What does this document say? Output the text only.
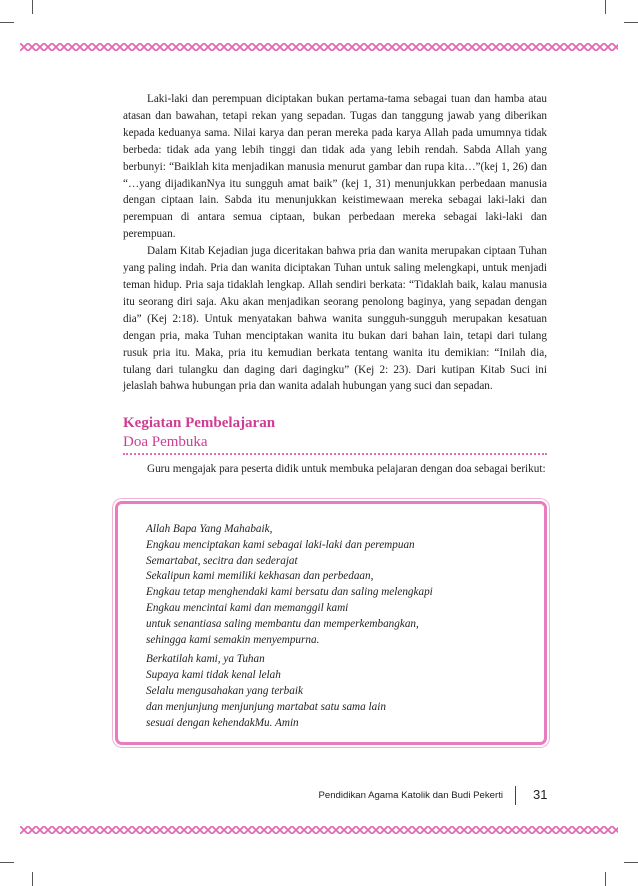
Laki-laki dan perempuan diciptakan bukan pertama-tama sebagai tuan dan hamba atau atasan dan bawahan, tetapi rekan yang sepadan. Tugas dan tanggung jawab yang diberikan kepada keduanya sama. Nilai karya dan peran mereka pada karya Allah pada umumnya tidak berbeda: tidak ada yang lebih tinggi dan tidak ada yang lebih rendah. Sabda Allah yang berbunyi: “Baiklah kita menjadikan manusia menurut gambar dan rupa kita…”(kej 1, 26) dan “…yang dijadikanNya itu sungguh amat baik” (kej 1, 31) menunjukkan perbedaan manusia dengan ciptaan lain. Sabda itu menunjukkan keistimewaan mereka sebagai laki-laki dan perempuan di antara semua ciptaan, bukan perbedaan mereka sebagai laki-laki dan perempuan.

Dalam Kitab Kejadian juga diceritakan bahwa pria dan wanita merupakan ciptaan Tuhan yang paling indah. Pria dan wanita diciptakan Tuhan untuk saling melengkapi, untuk menjadi teman hidup. Pria saja tidaklah lengkap. Allah sendiri berkata: “Tidaklah baik, kalau manusia itu seorang diri saja. Aku akan menjadikan seorang penolong baginya, yang sepadan dengan dia” (Kej 2:18). Untuk menyatakan bahwa wanita sungguh-sungguh merupakan kesatuan dengan pria, maka Tuhan menciptakan wanita itu bukan dari bahan lain, tetapi dari tulang rusuk pria itu. Maka, pria itu kemudian berkata tentang wanita itu demikian: “Inilah dia, tulang dari tulangku dan daging dari dagingku” (Kej 2: 23). Dari kutipan Kitab Suci ini jelaslah bahwa hubungan pria dan wanita adalah hubungan yang suci dan sepadan.

Kegiatan Pembelajaran
Doa Pembuka

Guru mengajak para peserta didik untuk membuka pelajaran dengan doa sebagai berikut:

Allah Bapa Yang Mahabaik,
Engkau menciptakan kami sebagai laki-laki dan perempuan
Semartabat, secitra dan sederajat
Sekalipun kami memiliki kekhasan dan perbedaan,
Engkau tetap menghendaki kami bersatu dan saling melengkapi
Engkau mencintai kami dan memanggil kami
untuk senantiasa saling membantu dan memperkembangkan,
sehingga kami semakin menyempurna.
Berkatilah kami, ya Tuhan
Supaya kami tidak kenal lelah
Selalu mengusahakan yang terbaik
dan menjunjung menjunjung martabat satu sama lain
sesuai dengan kehendakMu. Amin
Pendidikan Agama Katolik dan Budi Pekerti 31
